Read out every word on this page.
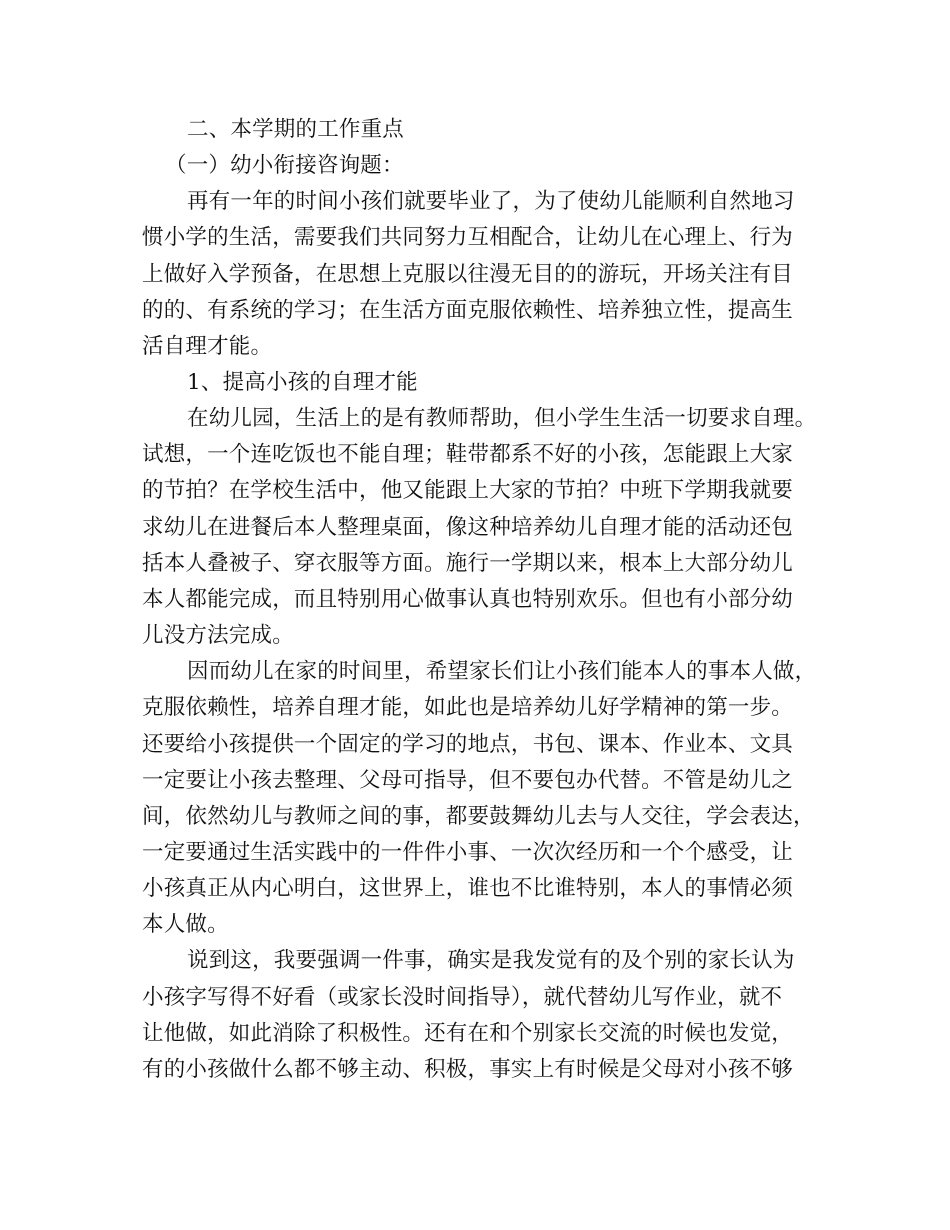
二、本学期的工作重点
（一）幼小衔接咨询题：
再有一年的时间小孩们就要毕业了，为了使幼儿能顺利自然地习
惯小学的生活，需要我们共同努力互相配合，让幼儿在心理上、行为
上做好入学预备，在思想上克服以往漫无目的的游玩，开场关注有目
的的、有系统的学习；在生活方面克服依赖性、培养独立性，提高生
活自理才能。
1、提高小孩的自理才能
在幼儿园，生活上的是有教师帮助，但小学生生活一切要求自理。
试想，一个连吃饭也不能自理；鞋带都系不好的小孩，怎能跟上大家
的节拍？在学校生活中，他又能跟上大家的节拍？中班下学期我就要
求幼儿在进餐后本人整理桌面，像这种培养幼儿自理才能的活动还包
括本人叠被子、穿衣服等方面。施行一学期以来，根本上大部分幼儿
本人都能完成，而且特别用心做事认真也特别欢乐。但也有小部分幼
儿没方法完成。
因而幼儿在家的时间里，希望家长们让小孩们能本人的事本人做，
克服依赖性，培养自理才能，如此也是培养幼儿好学精神的第一步。
还要给小孩提供一个固定的学习的地点，书包、课本、作业本、文具
一定要让小孩去整理、父母可指导，但不要包办代替。不管是幼儿之
间，依然幼儿与教师之间的事，都要鼓舞幼儿去与人交往，学会表达，
一定要通过生活实践中的一件件小事、一次次经历和一个个感受，让
小孩真正从内心明白，这世界上，谁也不比谁特别，本人的事情必须
本人做。
说到这，我要强调一件事，确实是我发觉有的及个别的家长认为
小孩字写得不好看（或家长没时间指导），就代替幼儿写作业，就不
让他做，如此消除了积极性。还有在和个别家长交流的时候也发觉，
有的小孩做什么都不够主动、积极，事实上有时候是父母对小孩不够
